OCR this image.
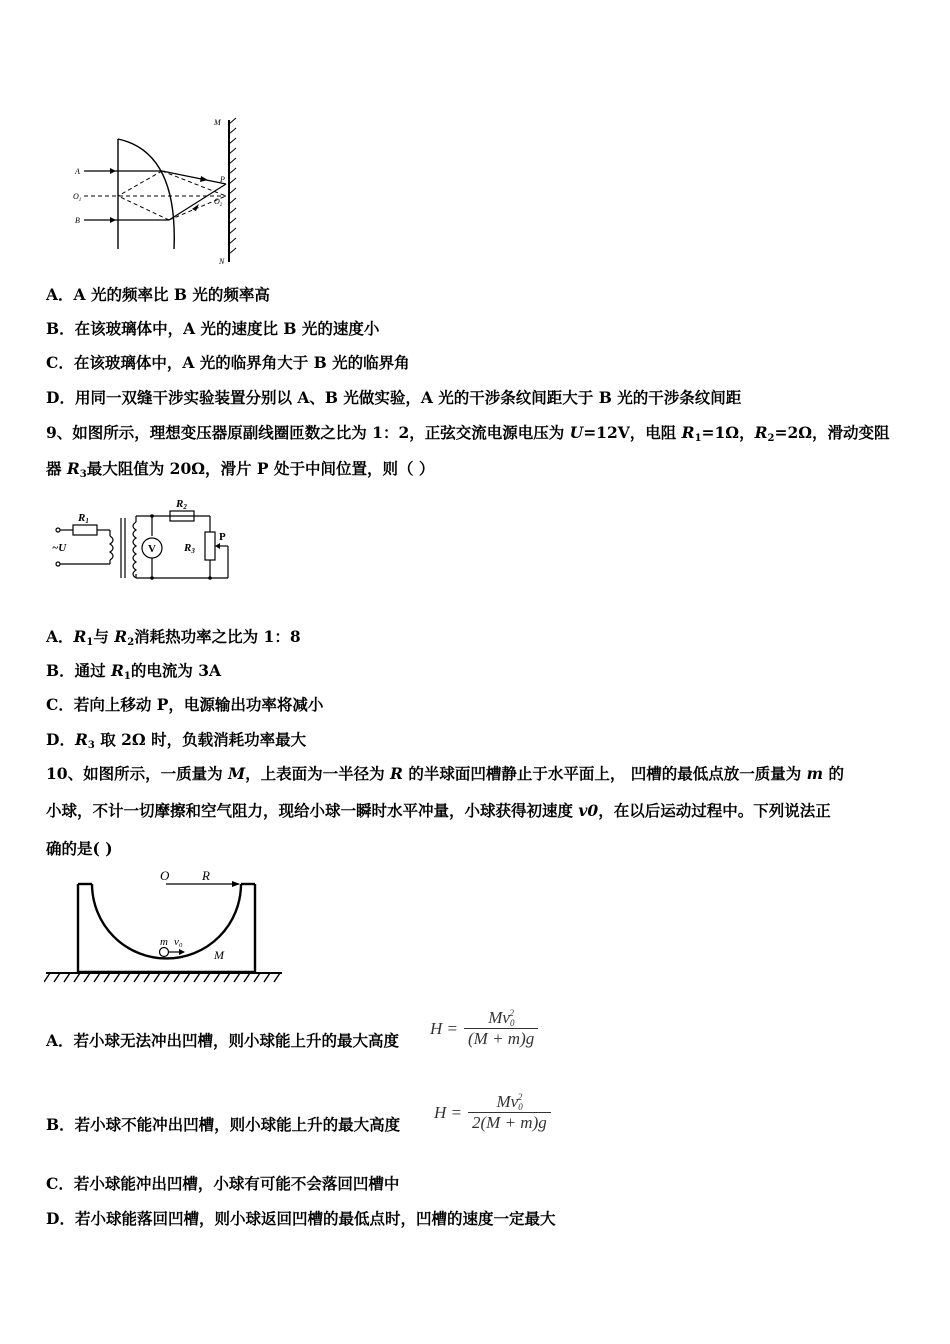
M
N
A
B
$O_1$	$O_2$
P
A．A 光的频率比 B 光的频率高
B．在该玻璃体中，A 光的速度比 B 光的速度小
C．在该玻璃体中，A 光的临界角大于 B 光的临界角
D．用同一双缝干涉实验装置分别以 A、B 光做实验，A 光的干涉条纹间距大于 B 光的干涉条纹间距
9、如图所示，理想变压器原副线圈匝数之比为 1：2，正弦交流电源电压为 U=12V，电阻 $R_1=1\Omega$，$R_2=2\Omega$，滑动变阻
器 $R_3$最大阻值为 20Ω，滑片 P 处于中间位置，则（ ）
V
R1
R2
R3
~U
P
A．$R_1$与 $R_2$消耗热功率之比为 1：8
B．通过 $R_1$的电流为 3A
C．若向上移动 P，电源输出功率将减小
D．$R_3$ 取 2Ω 时，负载消耗功率最大
10、如图所示，一质量为 M，上表面为一半径为 R 的半球面凹槽静止于水平面上， 凹槽的最低点放一质量为 m 的
小球，不计一切摩擦和空气阻力，现给小球一瞬时水平冲量，小球获得初速度 v0，在以后运动过程中。下列说法正
确的是( )
O	R
m v₀
M
A．若小球无法冲出凹槽，则小球能上升的最大高度
$H = \frac{Mv_0^2}{(M + m)g}$
B．若小球不能冲出凹槽，则小球能上升的最大高度
$H = \frac{Mv_0^2}{2(M + m)g}$
C．若小球能冲出凹槽，小球有可能不会落回凹槽中
D．若小球能落回凹槽，则小球返回凹槽的最低点时，凹槽的速度一定最大
